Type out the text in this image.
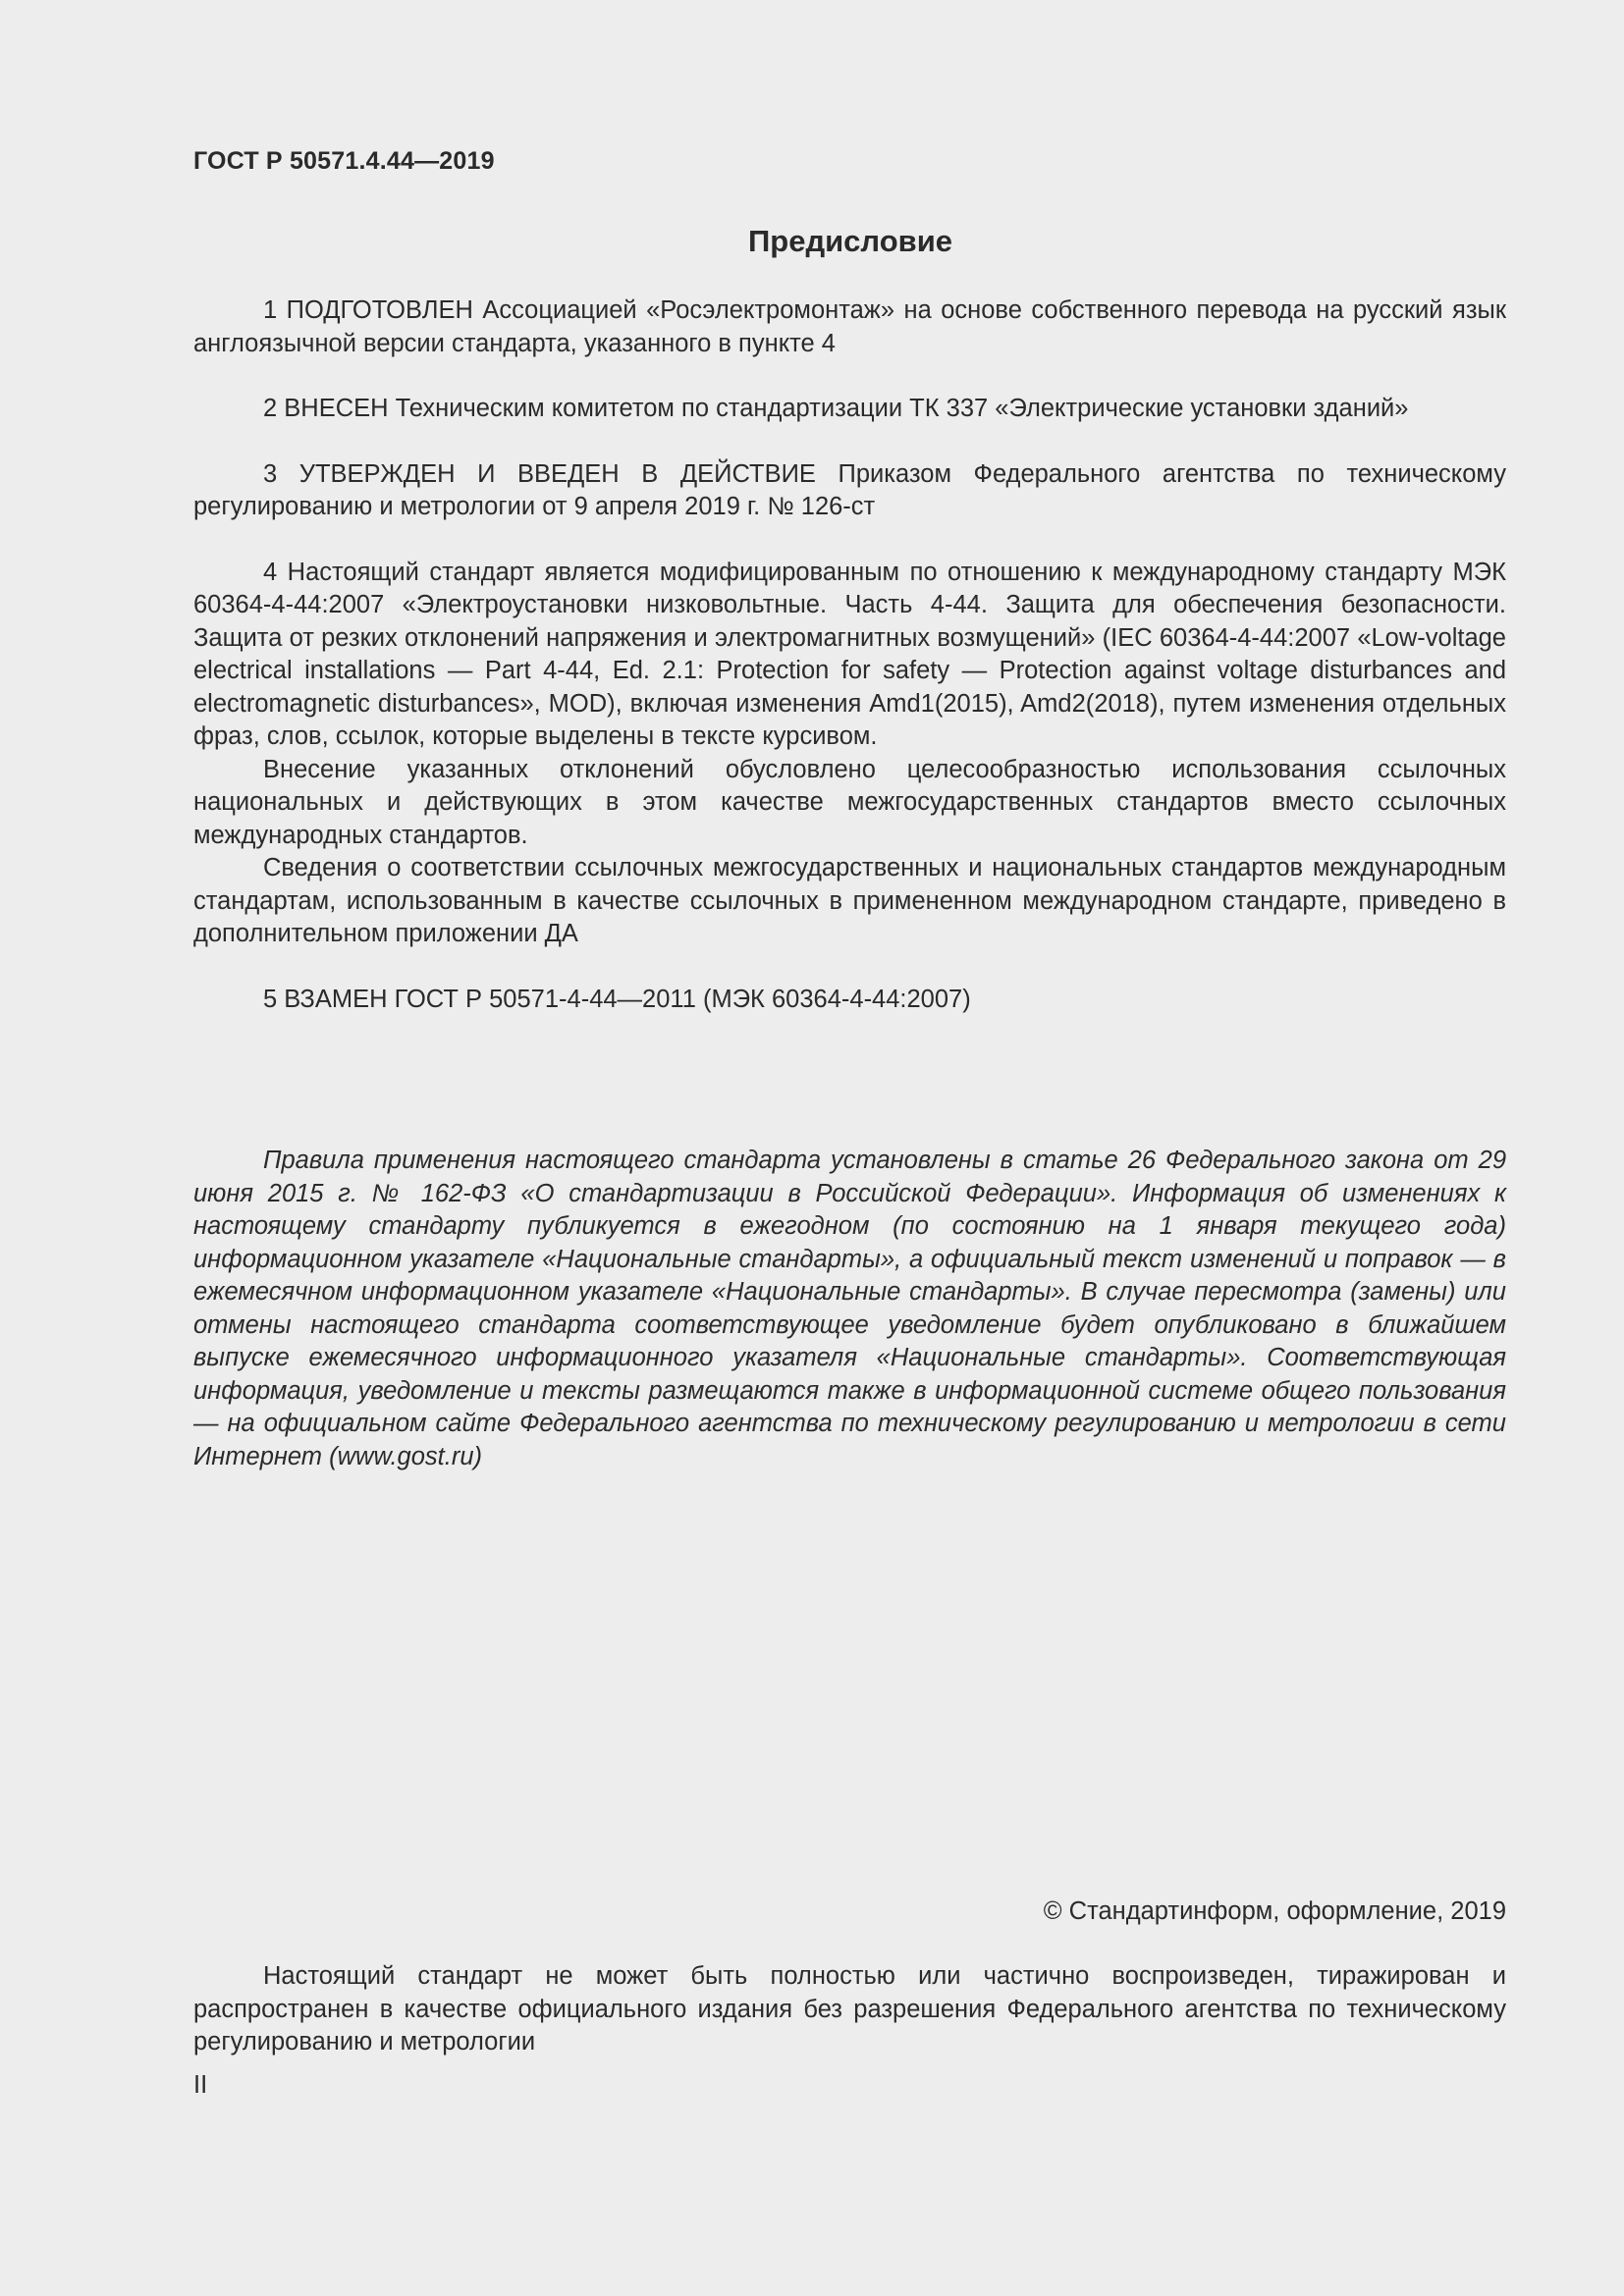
ГОСТ Р 50571.4.44—2019
Предисловие

1 ПОДГОТОВЛЕН Ассоциацией «Росэлектромонтаж» на основе собственного перевода на русский язык англоязычной версии стандарта, указанного в пункте 4

2 ВНЕСЕН Техническим комитетом по стандартизации ТК 337 «Электрические установки зданий»

3 УТВЕРЖДЕН И ВВЕДЕН В ДЕЙСТВИЕ Приказом Федерального агентства по техническому регулированию и метрологии от 9 апреля 2019 г. № 126-ст

4 Настоящий стандарт является модифицированным по отношению к международному стандарту МЭК 60364-4-44:2007 «Электроустановки низковольтные. Часть 4-44. Защита для обеспечения безопасности. Защита от резких отклонений напряжения и электромагнитных возмущений» (IEC 60364-4-44:2007 «Low-voltage electrical installations — Part 4-44, Ed. 2.1: Protection for safety — Protection against voltage disturbances and electromagnetic disturbances», MOD), включая изменения Amd1(2015), Amd2(2018), путем изменения отдельных фраз, слов, ссылок, которые выделены в тексте курсивом.

Внесение указанных отклонений обусловлено целесообразностью использования ссылочных национальных и действующих в этом качестве межгосударственных стандартов вместо ссылочных международных стандартов.

Сведения о соответствии ссылочных межгосударственных и национальных стандартов международным стандартам, использованным в качестве ссылочных в примененном международном стандарте, приведено в дополнительном приложении ДА

5 ВЗАМЕН ГОСТ Р 50571-4-44—2011 (МЭК 60364-4-44:2007)

Правила применения настоящего стандарта установлены в статье 26 Федерального закона от 29 июня 2015 г. № 162-ФЗ «О стандартизации в Российской Федерации». Информация об изменениях к настоящему стандарту публикуется в ежегодном (по состоянию на 1 января текущего года) информационном указателе «Национальные стандарты», а официальный текст изменений и поправок — в ежемесячном информационном указателе «Национальные стандарты». В случае пересмотра (замены) или отмены настоящего стандарта соответствующее уведомление будет опубликовано в ближайшем выпуске ежемесячного информационного указателя «Национальные стандарты». Соответствующая информация, уведомление и тексты размещаются также в информационной системе общего пользования — на официальном сайте Федерального агентства по техническому регулированию и метрологии в сети Интернет (www.gost.ru)

© Стандартинформ, оформление, 2019

Настоящий стандарт не может быть полностью или частично воспроизведен, тиражирован и распространен в качестве официального издания без разрешения Федерального агентства по техническому регулированию и метрологии

II
